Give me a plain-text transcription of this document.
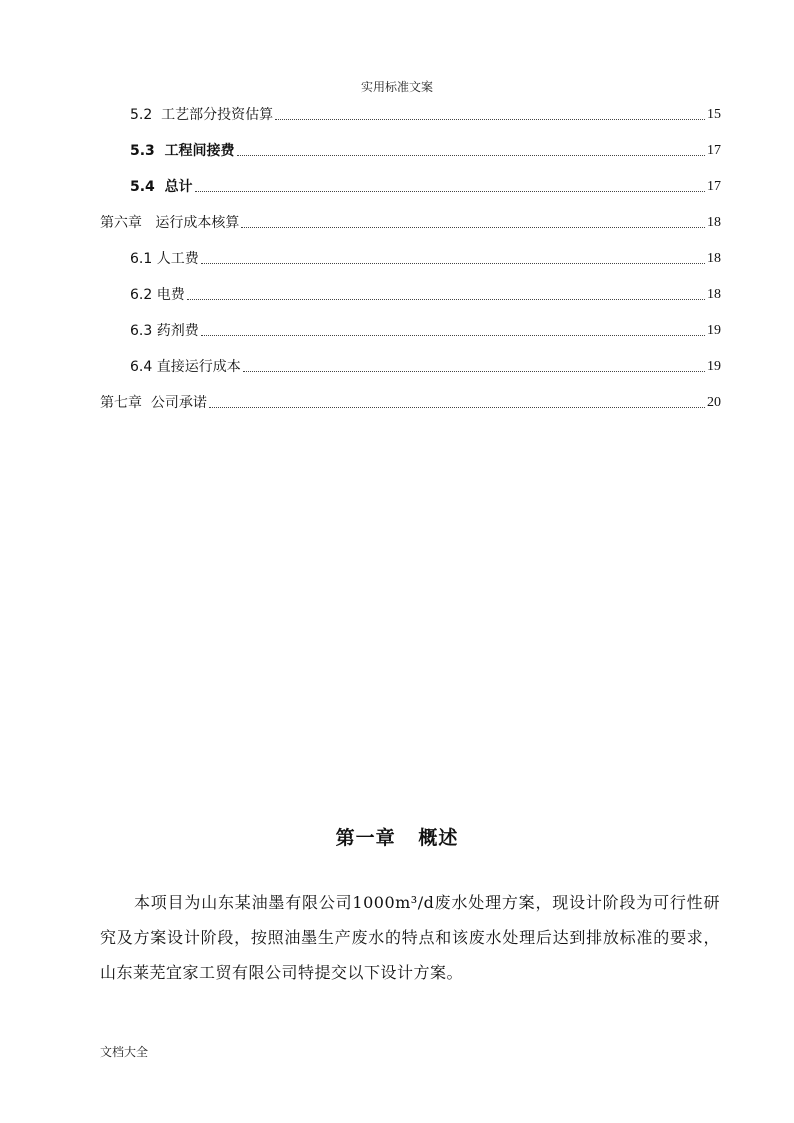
实用标准文案
5.2 工艺部分投资估算	15
5.3 工程间接费	17
5.4 总计	17
第六章 运行成本核算	18
6.1 人工费	18
6.2 电费	18
6.3 药剂费	19
6.4 直接运行成本	19
第七章 公司承诺	20
第一章   概述
本项目为山东某油墨有限公司1000m³/d废水处理方案，现设计阶段为可行性研究及方案设计阶段，按照油墨生产废水的特点和该废水处理后达到排放标准的要求，山东莱芜宜家工贸有限公司特提交以下设计方案。
文档大全
